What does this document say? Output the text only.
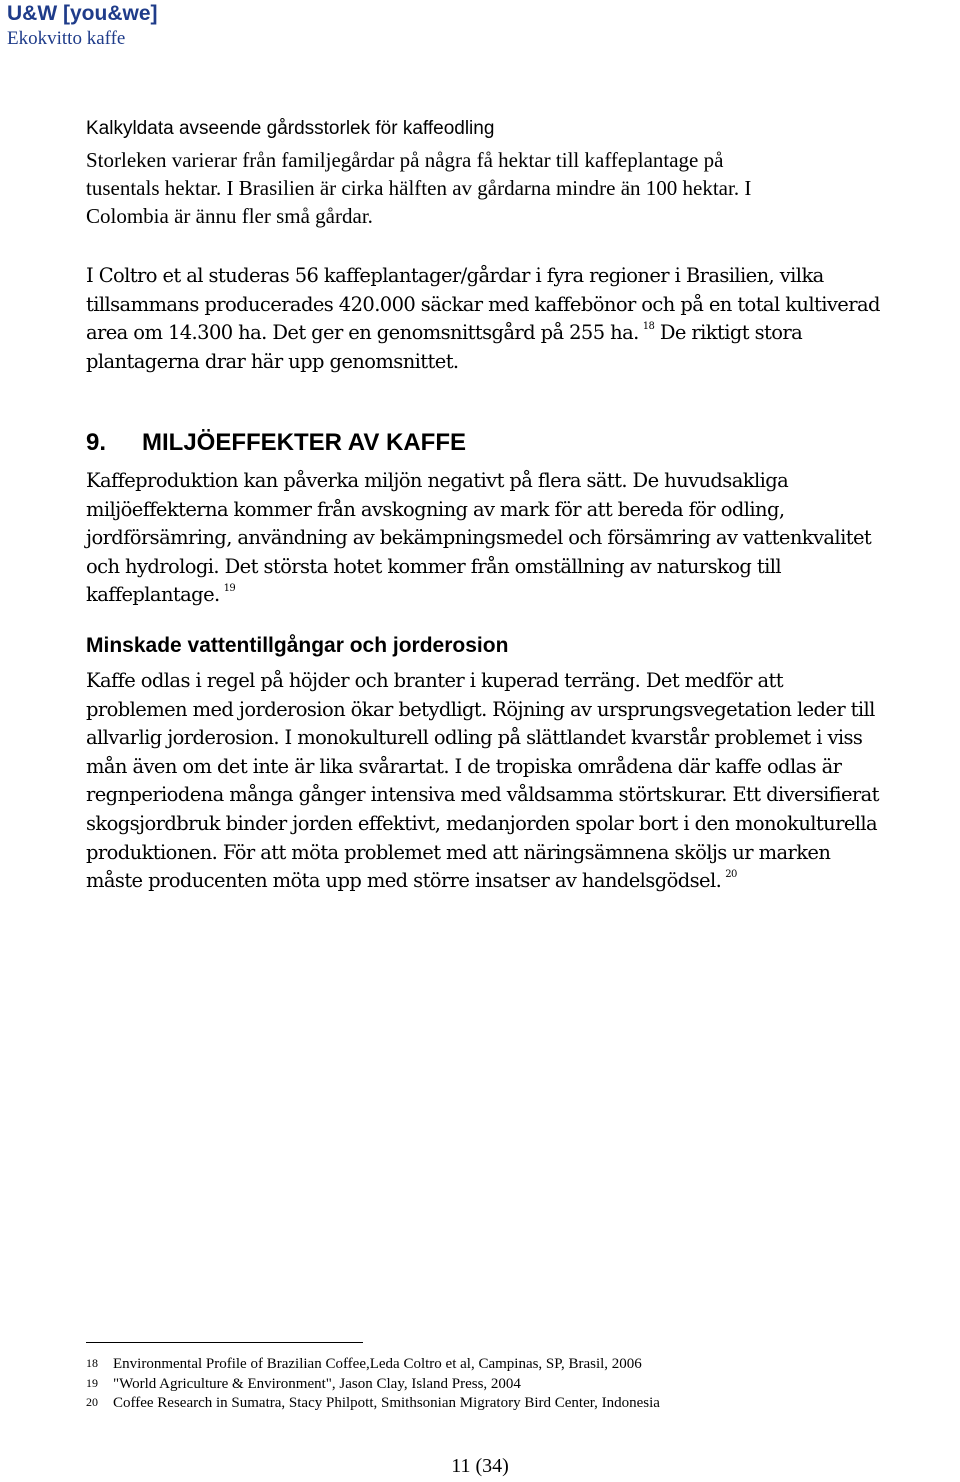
U&W [you&we]
Ekokvitto kaffe
Kalkyldata avseende gårdsstorlek för kaffeodling
Storleken varierar från familjegårdar på några få hektar till kaffeplantage på
tusentals hektar. I Brasilien är cirka hälften av gårdarna mindre än 100 hektar. I
Colombia är ännu fler små gårdar.
I Coltro et al studeras 56 kaffeplantager/gårdar i fyra regioner i Brasilien, vilka
tillsammans producerades 420.000 säckar med kaffebönor och på en total kultiverad
area om 14.300 ha. Det ger en genomsnittsgård på 255 ha. $^{18}$ De riktigt stora
plantagerna drar här upp genomsnittet.
9. MILJÖEFFEKTER AV KAFFE
Kaffeproduktion kan påverka miljön negativt på flera sätt. De huvudsakliga
miljöeffekterna kommer från avskogning av mark för att bereda för odling,
jordförsämring, användning av bekämpningsmedel och försämring av vattenkvalitet
och hydrologi. Det största hotet kommer från omställning av naturskog till
kaffeplantage. $^{19}$
Minskade vattentillgångar och jorderosion
Kaffe odlas i regel på höjder och branter i kuperad terräng. Det medför att
problemen med jorderosion ökar betydligt. Röjning av ursprungsvegetation leder till
allvarlig jorderosion. I monokulturell odling på slättlandet kvarstår problemet i viss
mån även om det inte är lika svårartat. I de tropiska områdena där kaffe odlas är
regnperiodena många gånger intensiva med våldsamma störtskurar. Ett diversifierat
skogsjordbruk binder jorden effektivt, medanjorden spolar bort i den monokulturella
produktionen. För att möta problemet med att näringsämnena sköljs ur marken
måste producenten möta upp med större insatser av handelsgödsel. $^{20}$
18 Environmental Profile of Brazilian Coffee,Leda Coltro et al, Campinas, SP, Brasil, 2006
19 "World Agriculture & Environment", Jason Clay, Island Press, 2004
20 Coffee Research in Sumatra, Stacy Philpott, Smithsonian Migratory Bird Center, Indonesia
11 (34)
